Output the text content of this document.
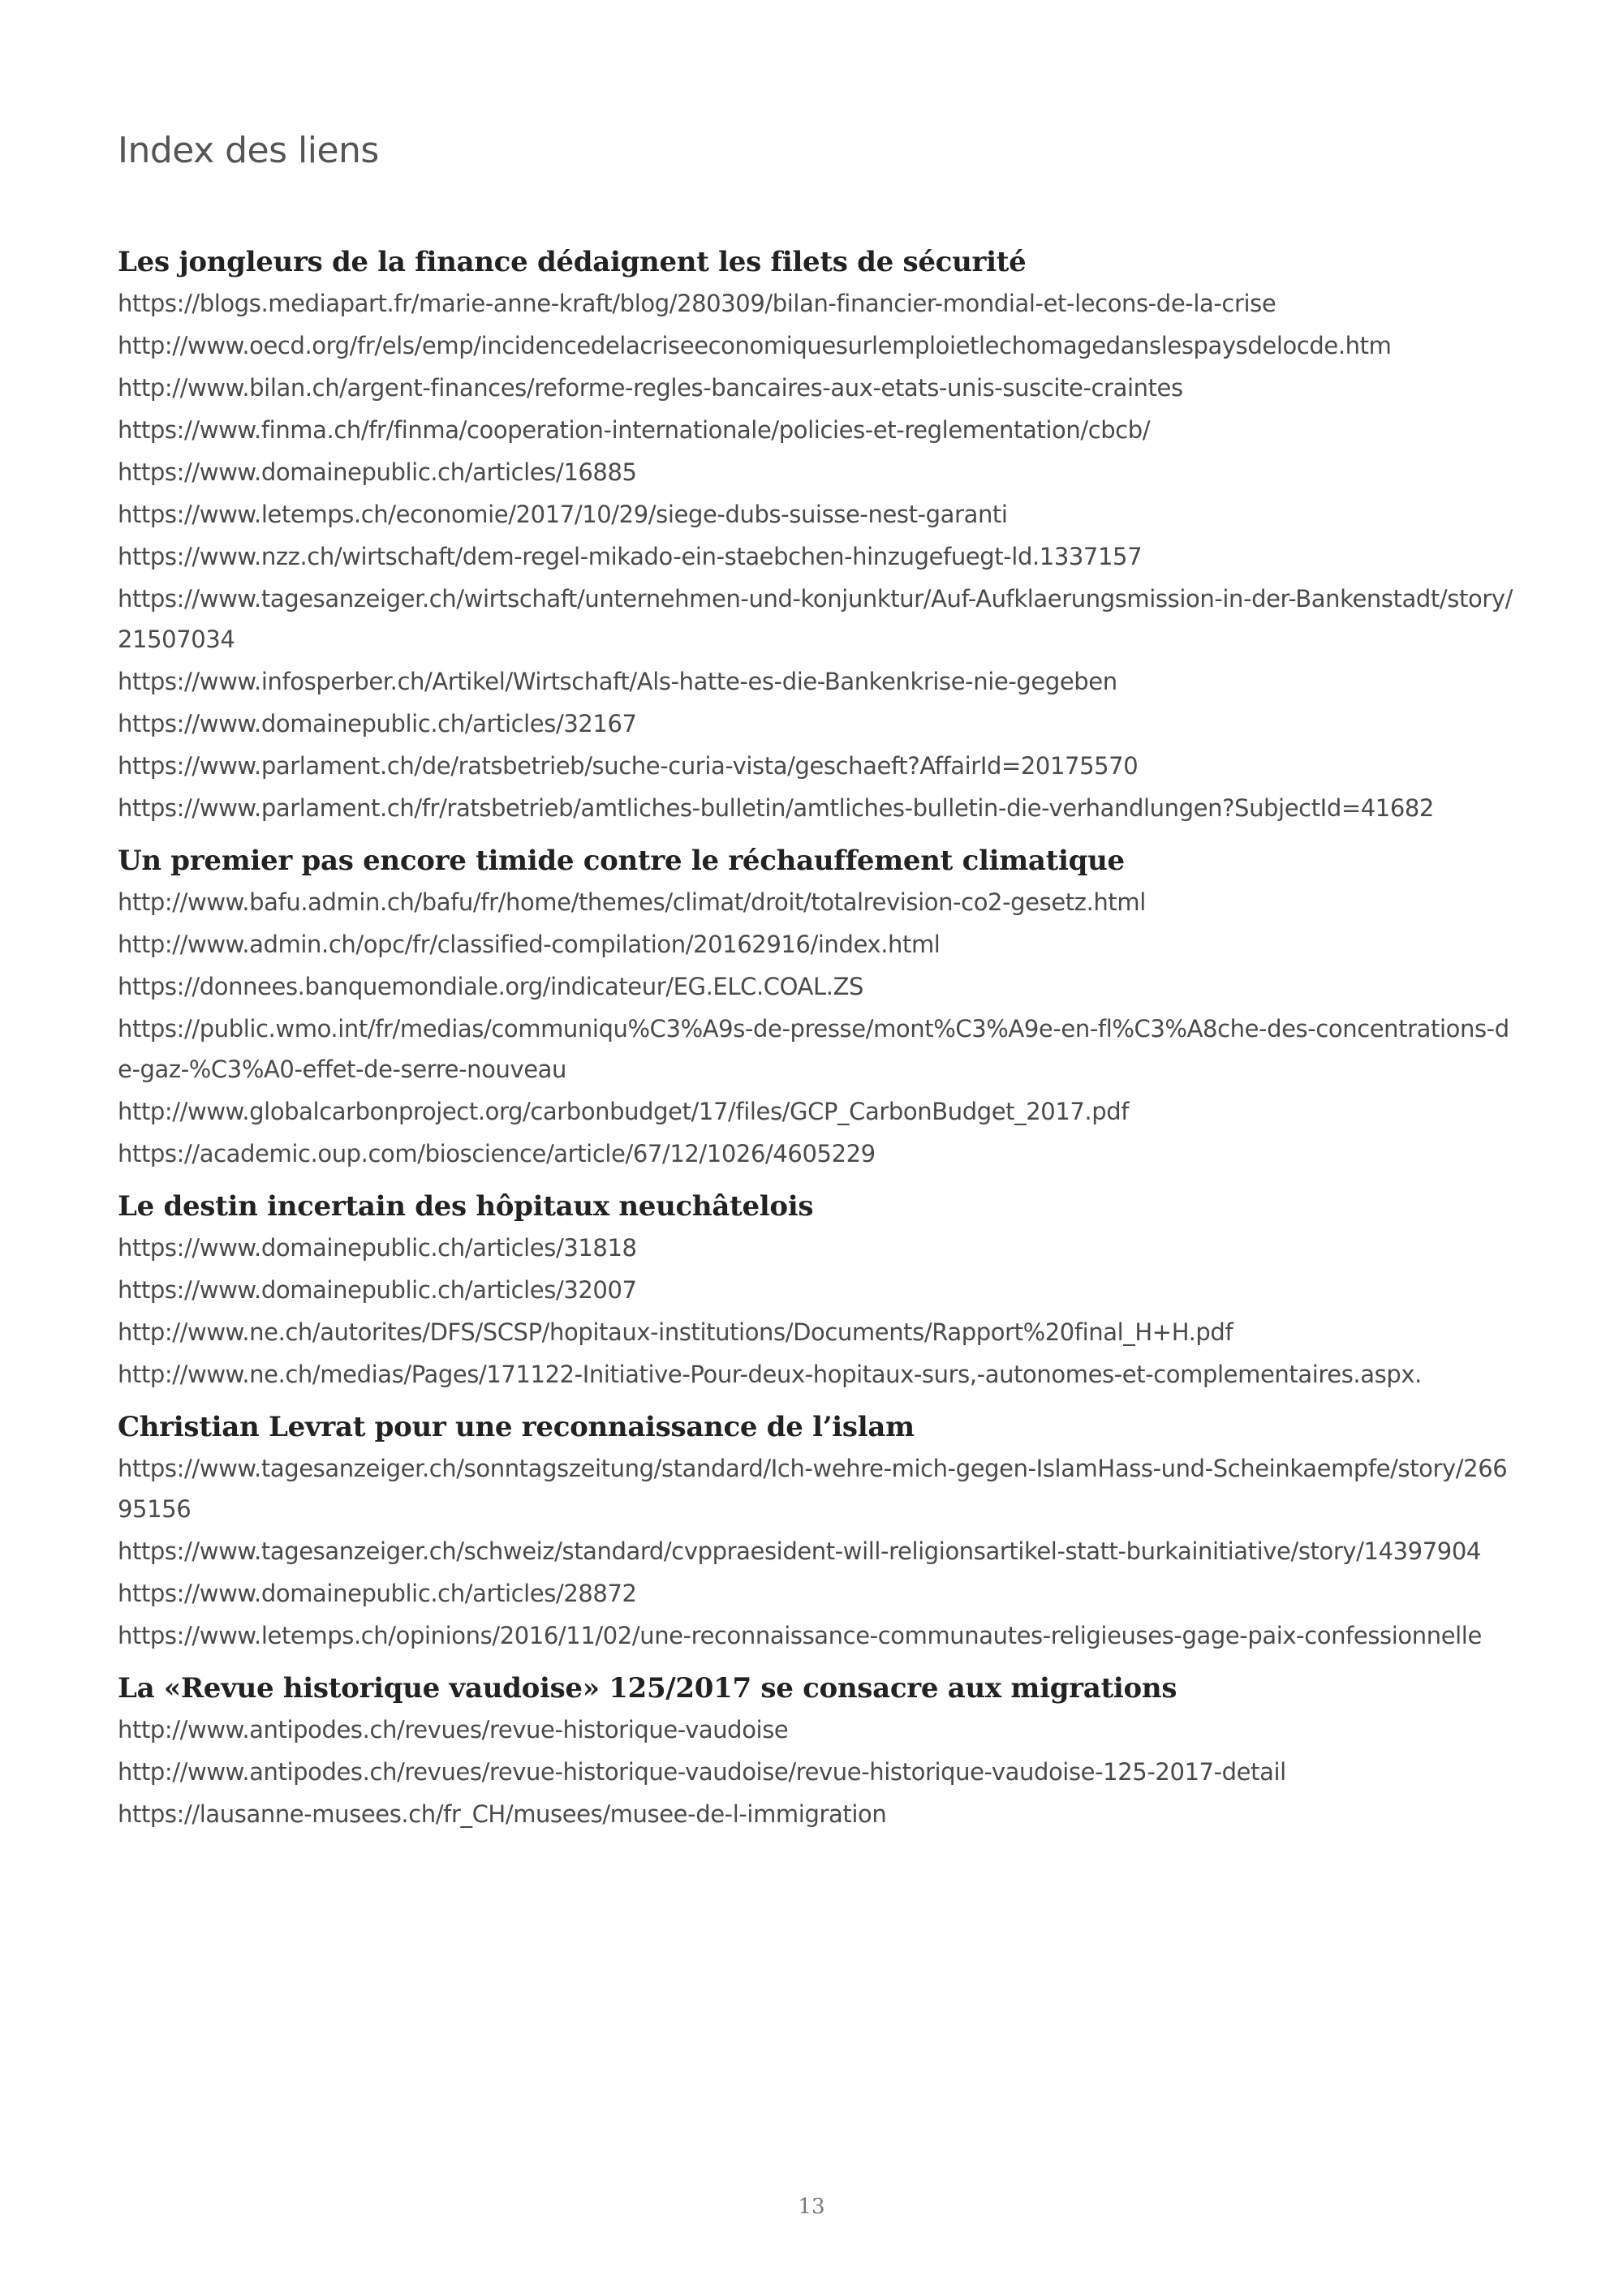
Index des liens
Les jongleurs de la finance dédaignent les filets de sécurité
https://blogs.mediapart.fr/marie-anne-kraft/blog/280309/bilan-financier-mondial-et-lecons-de-la-crise
http://www.oecd.org/fr/els/emp/incidencedelacriseeconomiquesurlemploietlechomagedanslespaysdelocde.htm
http://www.bilan.ch/argent-finances/reforme-regles-bancaires-aux-etats-unis-suscite-craintes
https://www.finma.ch/fr/finma/cooperation-internationale/policies-et-reglementation/cbcb/
https://www.domainepublic.ch/articles/16885
https://www.letemps.ch/economie/2017/10/29/siege-dubs-suisse-nest-garanti
https://www.nzz.ch/wirtschaft/dem-regel-mikado-ein-staebchen-hinzugefuegt-ld.1337157
https://www.tagesanzeiger.ch/wirtschaft/unternehmen-und-konjunktur/Auf-Aufklaerungsmission-in-der-Bankenstadt/story/21507034
https://www.infosperber.ch/Artikel/Wirtschaft/Als-hatte-es-die-Bankenkrise-nie-gegeben
https://www.domainepublic.ch/articles/32167
https://www.parlament.ch/de/ratsbetrieb/suche-curia-vista/geschaeft?AffairId=20175570
https://www.parlament.ch/fr/ratsbetrieb/amtliches-bulletin/amtliches-bulletin-die-verhandlungen?SubjectId=41682
Un premier pas encore timide contre le réchauffement climatique
http://www.bafu.admin.ch/bafu/fr/home/themes/climat/droit/totalrevision-co2-gesetz.html
http://www.admin.ch/opc/fr/classified-compilation/20162916/index.html
https://donnees.banquemondiale.org/indicateur/EG.ELC.COAL.ZS
https://public.wmo.int/fr/medias/communiqu%C3%A9s-de-presse/mont%C3%A9e-en-fl%C3%A8che-des-concentrations-de-gaz-%C3%A0-effet-de-serre-nouveau
http://www.globalcarbonproject.org/carbonbudget/17/files/GCP_CarbonBudget_2017.pdf
https://academic.oup.com/bioscience/article/67/12/1026/4605229
Le destin incertain des hôpitaux neuchâtelois
https://www.domainepublic.ch/articles/31818
https://www.domainepublic.ch/articles/32007
http://www.ne.ch/autorites/DFS/SCSP/hopitaux-institutions/Documents/Rapport%20final_H+H.pdf
http://www.ne.ch/medias/Pages/171122-Initiative-Pour-deux-hopitaux-surs,-autonomes-et-complementaires.aspx.
Christian Levrat pour une reconnaissance de l’islam
https://www.tagesanzeiger.ch/sonntagszeitung/standard/Ich-wehre-mich-gegen-IslamHass-und-Scheinkaempfe/story/26695156
https://www.tagesanzeiger.ch/schweiz/standard/cvppraesident-will-religionsartikel-statt-burkainitiative/story/14397904
https://www.domainepublic.ch/articles/28872
https://www.letemps.ch/opinions/2016/11/02/une-reconnaissance-communautes-religieuses-gage-paix-confessionnelle
La «Revue historique vaudoise» 125/2017 se consacre aux migrations
http://www.antipodes.ch/revues/revue-historique-vaudoise
http://www.antipodes.ch/revues/revue-historique-vaudoise/revue-historique-vaudoise-125-2017-detail
https://lausanne-musees.ch/fr_CH/musees/musee-de-l-immigration
13
